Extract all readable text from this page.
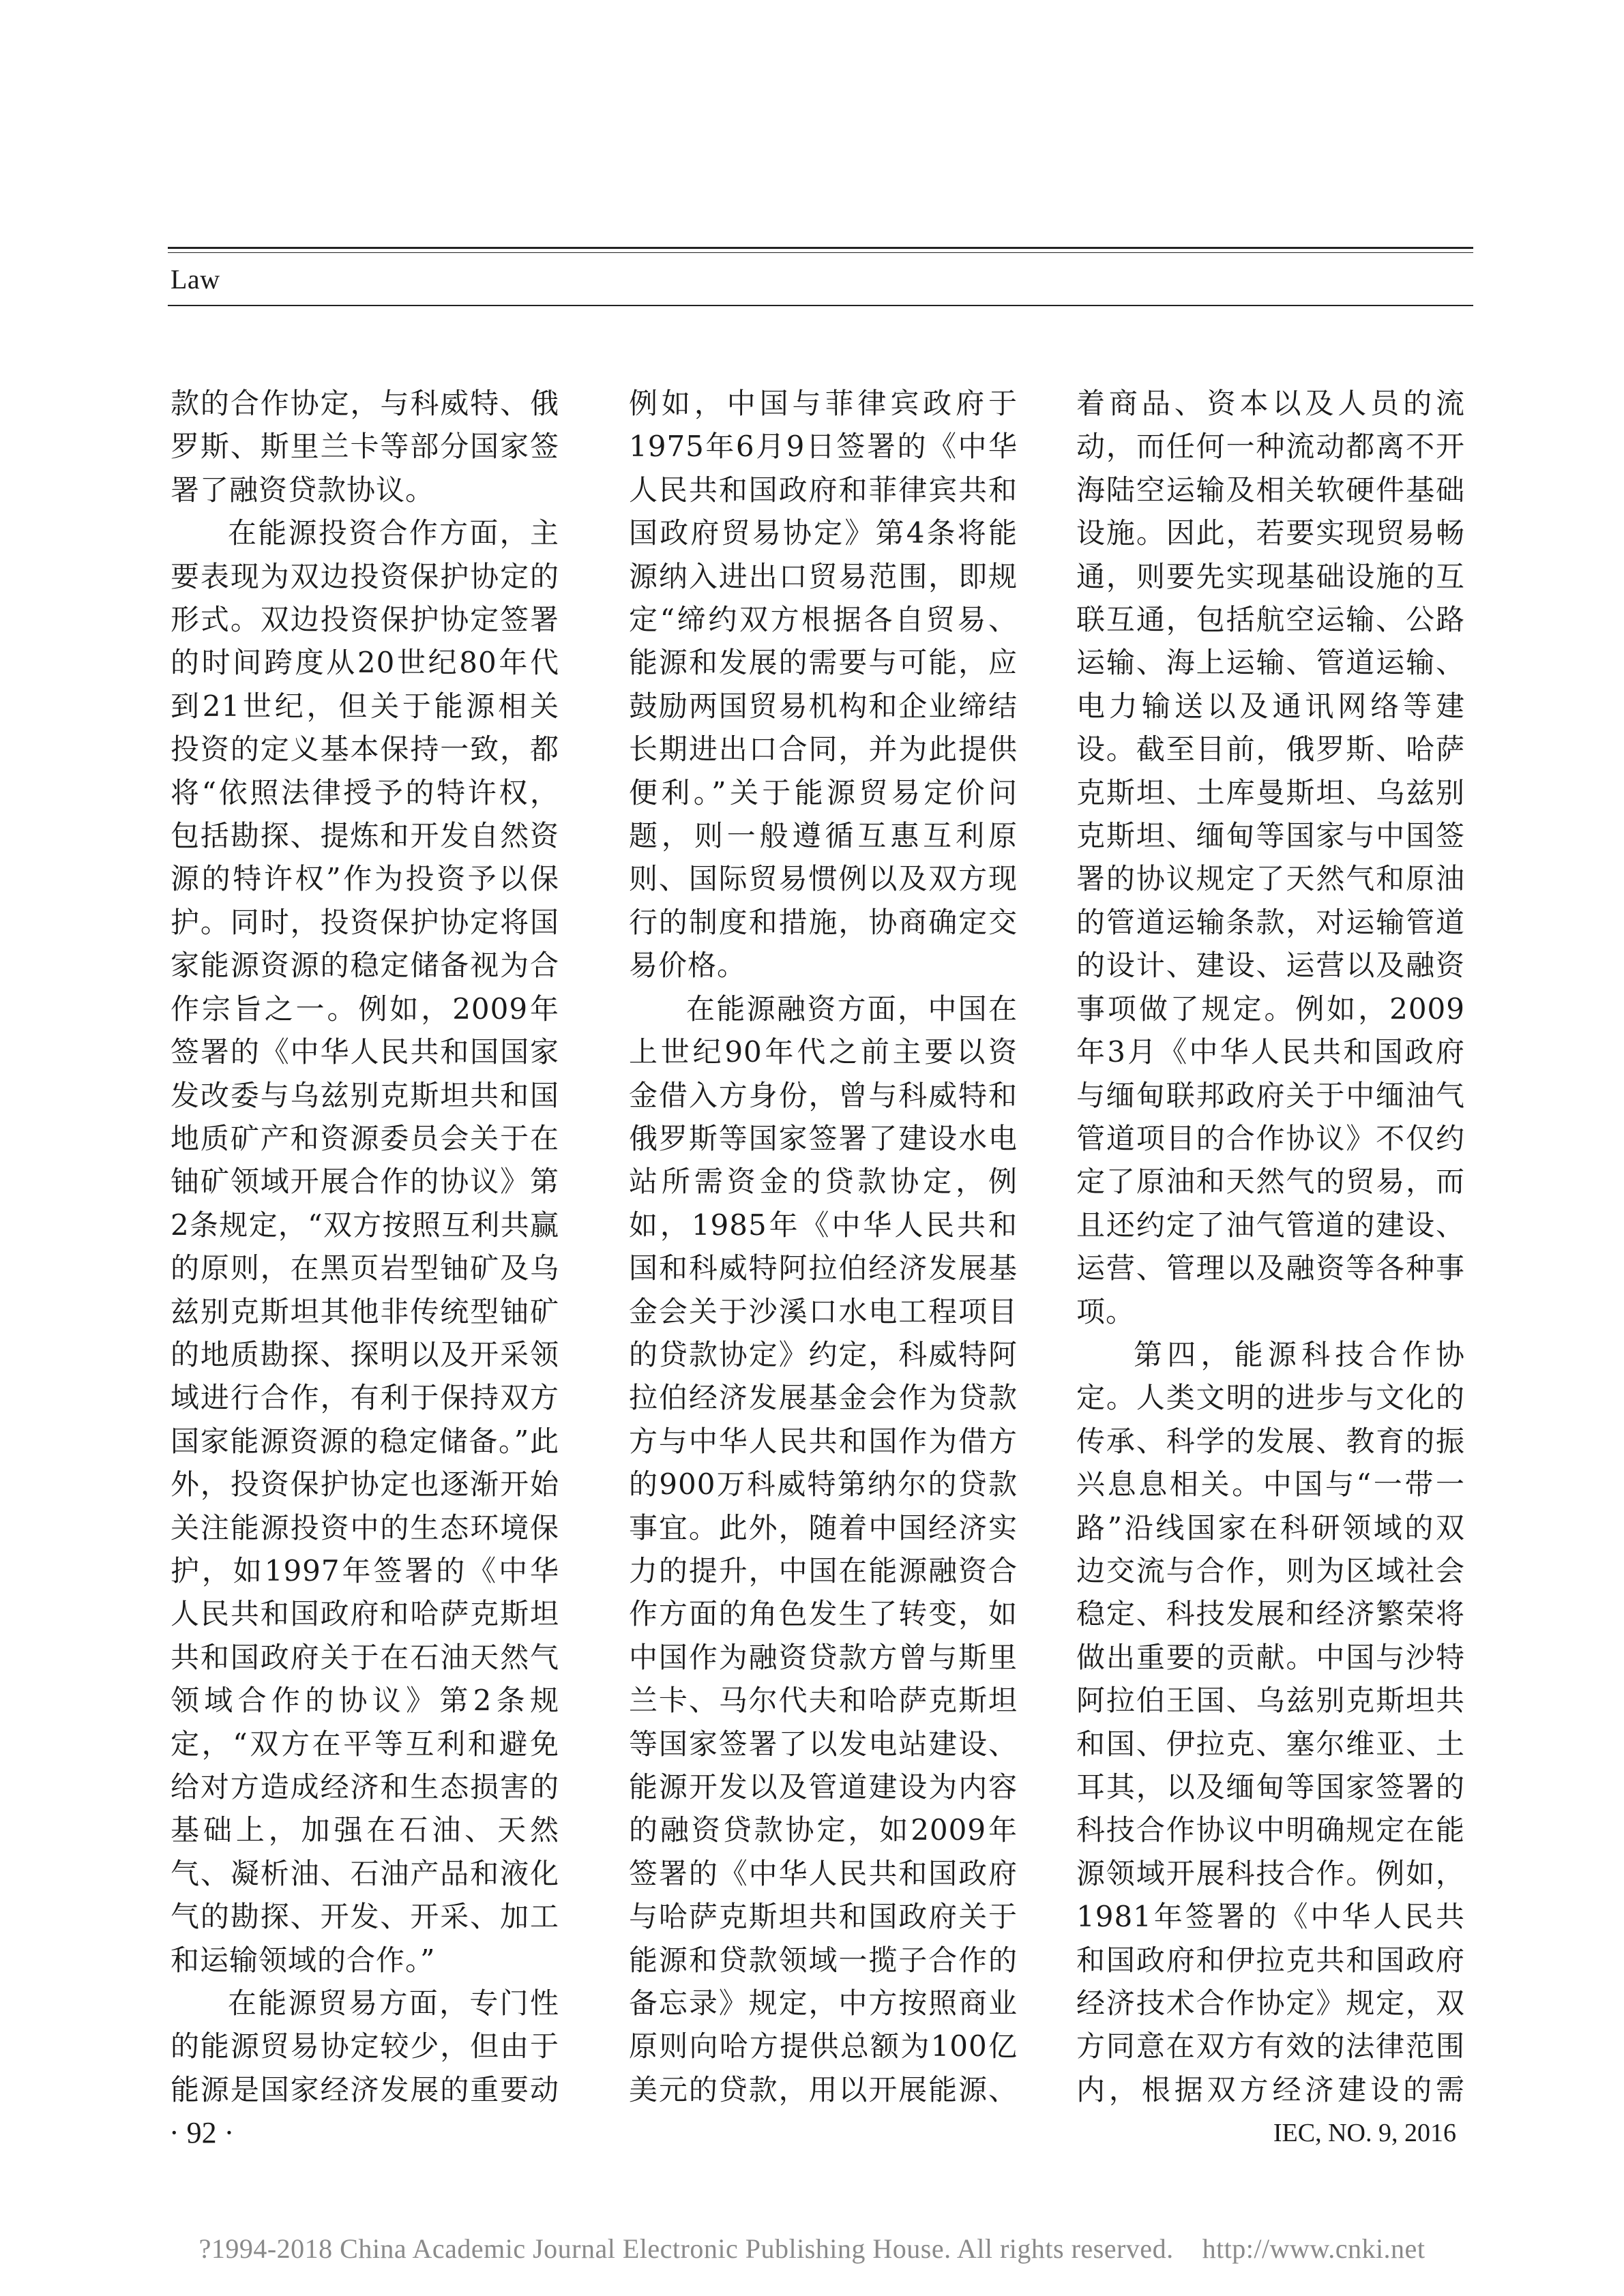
Law

款的合作协定，与科威特、俄罗斯、斯里兰卡等部分国家签署了融资贷款协议。

在能源投资合作方面，主要表现为双边投资保护协定的形式。双边投资保护协定签署的时间跨度从20世纪80年代到21世纪，但关于能源相关投资的定义基本保持一致，都将“依照法律授予的特许权，包括勘探、提炼和开发自然资源的特许权”作为投资予以保护。同时，投资保护协定将国家能源资源的稳定储备视为合作宗旨之一。例如，2009年签署的《中华人民共和国国家发改委与乌兹别克斯坦共和国地质矿产和资源委员会关于在铀矿领域开展合作的协议》第2条规定，“双方按照互利共赢的原则，在黑页岩型铀矿及乌兹别克斯坦其他非传统型铀矿的地质勘探、探明以及开采领域进行合作，有利于保持双方国家能源资源的稳定储备。”此外，投资保护协定也逐渐开始关注能源投资中的生态环境保护，如1997年签署的《中华人民共和国政府和哈萨克斯坦共和国政府关于在石油天然气领域合作的协议》第2条规定，“双方在平等互利和避免给对方造成经济和生态损害的基础上，加强在石油、天然气、凝析油、石油产品和液化气的勘探、开发、开采、加工和运输领域的合作。”

在能源贸易方面，专门性的能源贸易协定较少，但由于能源是国家经济发展的重要动

例如，中国与菲律宾政府于1975年6月9日签署的《中华人民共和国政府和菲律宾共和国政府贸易协定》第4条将能源纳入进出口贸易范围，即规定“缔约双方根据各自贸易、能源和发展的需要与可能，应鼓励两国贸易机构和企业缔结长期进出口合同，并为此提供便利。”关于能源贸易定价问题，则一般遵循互惠互利原则、国际贸易惯例以及双方现行的制度和措施，协商确定交易价格。

在能源融资方面，中国在上世纪90年代之前主要以资金借入方身份，曾与科威特和俄罗斯等国家签署了建设水电站所需资金的贷款协定，例如，1985年《中华人民共和国和科威特阿拉伯经济发展基金会关于沙溪口水电工程项目的贷款协定》约定，科威特阿拉伯经济发展基金会作为贷款方与中华人民共和国作为借方的900万科威特第纳尔的贷款事宜。此外，随着中国经济实力的提升，中国在能源融资合作方面的角色发生了转变，如中国作为融资贷款方曾与斯里兰卡、马尔代夫和哈萨克斯坦等国家签署了以发电站建设、能源开发以及管道建设为内容的融资贷款协定，如2009年签署的《中华人民共和国政府与哈萨克斯坦共和国政府关于能源和贷款领域一揽子合作的备忘录》规定，中方按照商业原则向哈方提供总额为100亿美元的贷款，用以开展能源、

着商品、资本以及人员的流动，而任何一种流动都离不开海陆空运输及相关软硬件基础设施。因此，若要实现贸易畅通，则要先实现基础设施的互联互通，包括航空运输、公路运输、海上运输、管道运输、电力输送以及通讯网络等建设。截至目前，俄罗斯、哈萨克斯坦、土库曼斯坦、乌兹别克斯坦、缅甸等国家与中国签署的协议规定了天然气和原油的管道运输条款，对运输管道的设计、建设、运营以及融资事项做了规定。例如，2009年3月《中华人民共和国政府与缅甸联邦政府关于中缅油气管道项目的合作协议》不仅约定了原油和天然气的贸易，而且还约定了油气管道的建设、运营、管理以及融资等各种事项。

第四，能源科技合作协定。人类文明的进步与文化的传承、科学的发展、教育的振兴息息相关。中国与“一带一路”沿线国家在科研领域的双边交流与合作，则为区域社会稳定、科技发展和经济繁荣将做出重要的贡献。中国与沙特阿拉伯王国、乌兹别克斯坦共和国、伊拉克、塞尔维亚、土耳其，以及缅甸等国家签署的科技合作协议中明确规定在能源领域开展科技合作。例如，1981年签署的《中华人民共和国政府和伊拉克共和国政府经济技术合作协定》规定，双方同意在双方有效的法律范围内，根据双方经济建设的需

· 92 ·	IEC, NO. 9, 2016
?1994-2018 China Academic Journal Electronic Publishing House. All rights reserved.    http://www.cnki.net
